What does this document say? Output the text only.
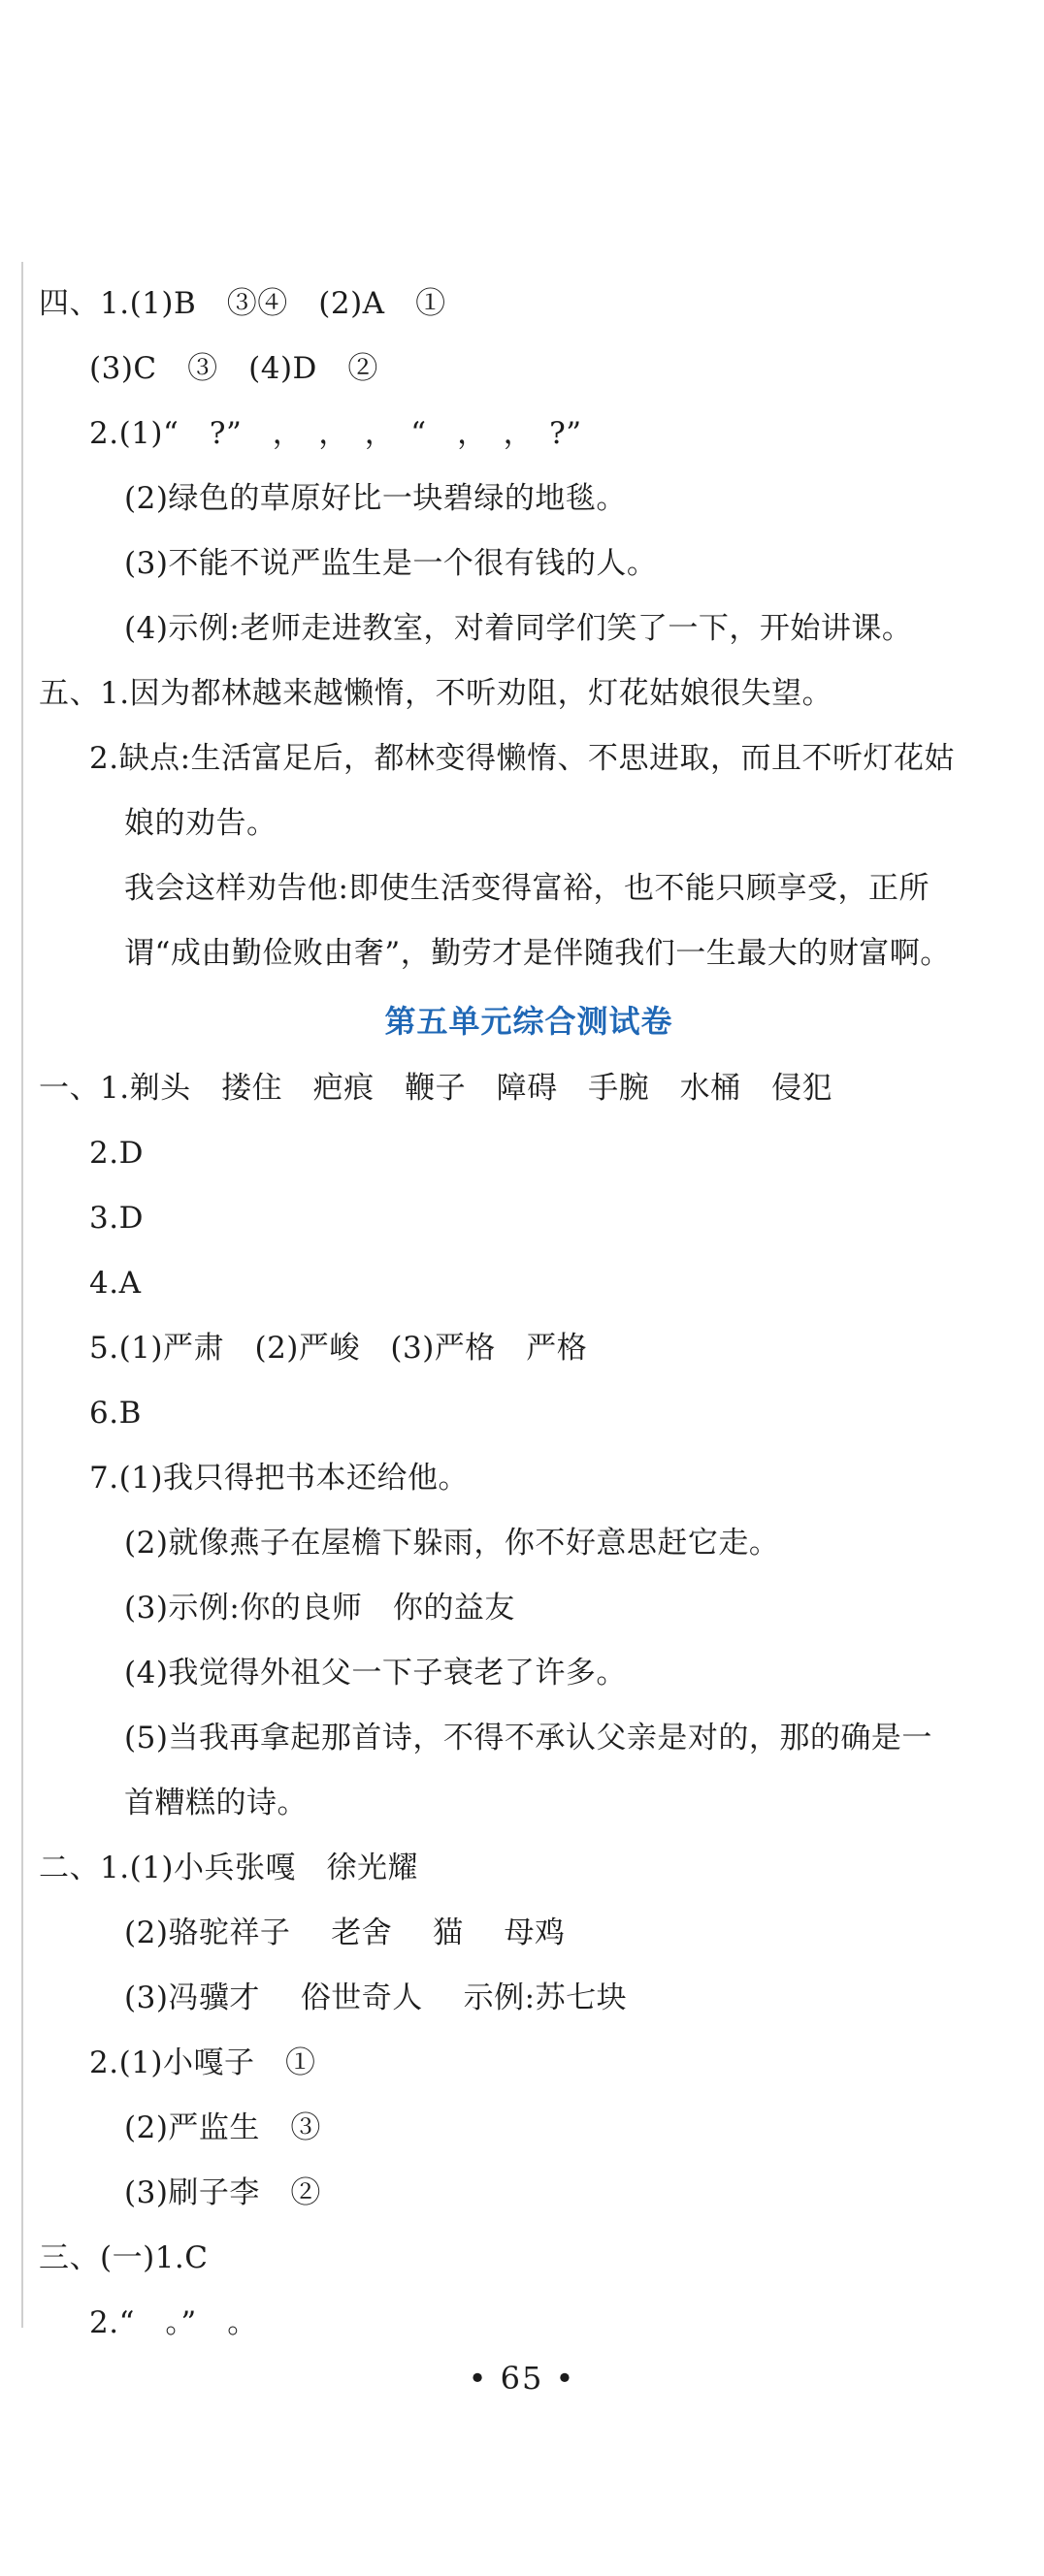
四、1.(1)B　③④　(2)A　①
(3)C　③　(4)D　②
2.(1)“　?”　，　，　，　“　，　，　?”
(2)绿色的草原好比一块碧绿的地毯。
(3)不能不说严监生是一个很有钱的人。
(4)示例:老师走进教室，对着同学们笑了一下，开始讲课。
五、1.因为都林越来越懒惰，不听劝阻，灯花姑娘很失望。
2.缺点:生活富足后，都林变得懒惰、不思进取，而且不听灯花姑
娘的劝告。
我会这样劝告他:即使生活变得富裕，也不能只顾享受，正所
谓“成由勤俭败由奢”，勤劳才是伴随我们一生最大的财富啊。
第五单元综合测试卷
一、1.剃头　搂住　疤痕　鞭子　障碍　手腕　水桶　侵犯
2.D
3.D
4.A
5.(1)严肃　(2)严峻　(3)严格　严格
6.B
7.(1)我只得把书本还给他。
(2)就像燕子在屋檐下躲雨，你不好意思赶它走。
(3)示例:你的良师　你的益友
(4)我觉得外祖父一下子衰老了许多。
(5)当我再拿起那首诗，不得不承认父亲是对的，那的确是一
首糟糕的诗。
二、1.(1)小兵张嘎　徐光耀
(2)骆驼祥子　 老舍　 猫　 母鸡
(3)冯骥才　 俗世奇人　 示例:苏七块
2.(1)小嘎子　①
(2)严监生　③
(3)刷子李　②
三、(一)1.C
2.“　。”　。
• 65 •
